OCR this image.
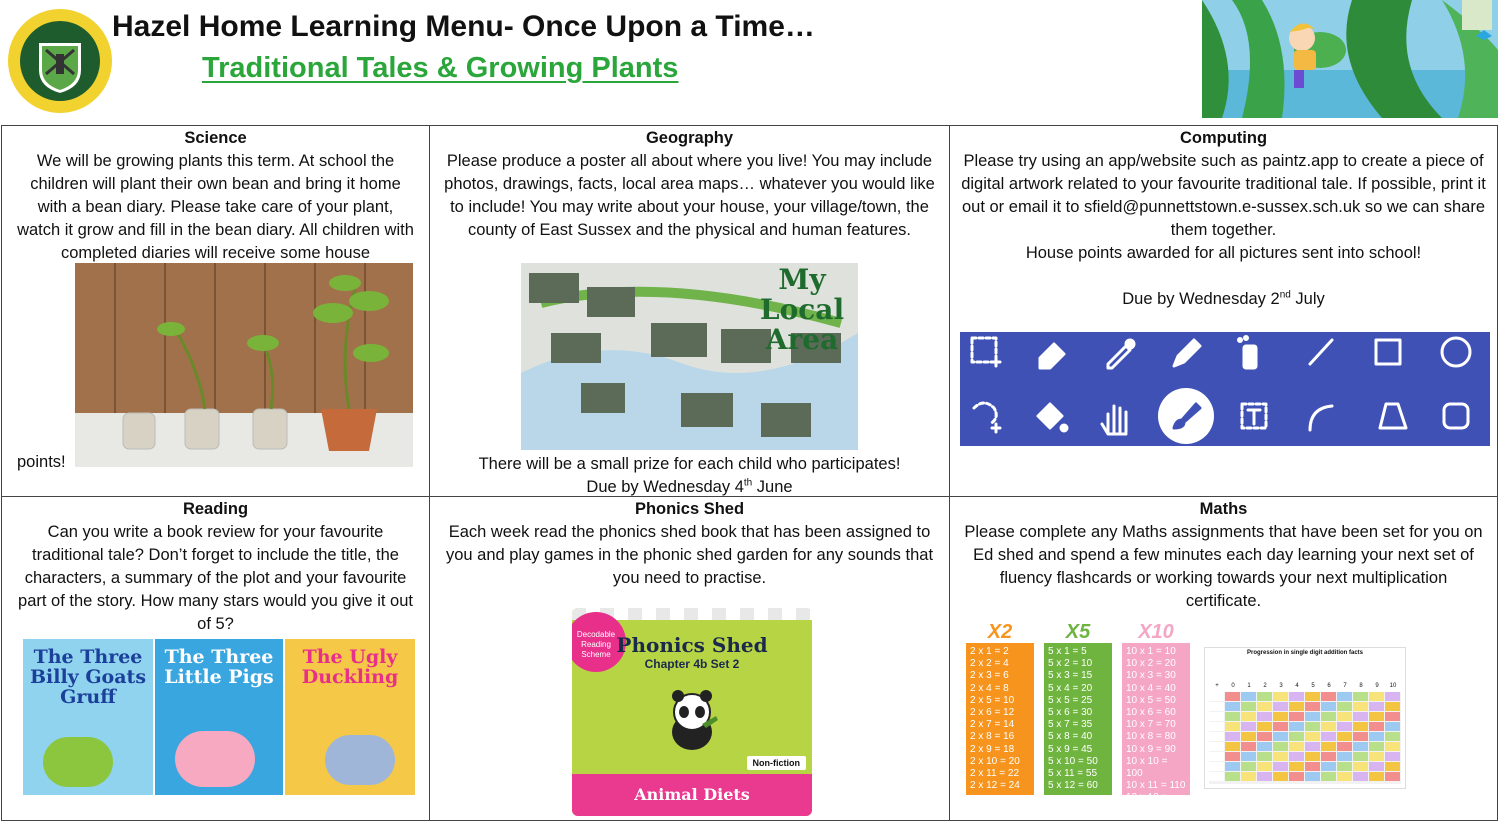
Hazel Home Learning Menu- Once Upon a Time…
Traditional Tales & Growing Plants
Science

We will be growing plants this term. At school the children will plant their own bean and bring it home with a bean diary. Please take care of your plant, watch it grow and fill in the bean diary. All children with completed diaries will receive some house

points!
Geography

Please produce a poster all about where you live! You may include photos, drawings, facts, local area maps… whatever you would like to include! You may write about your house, your village/town, the county of East Sussex and the physical and human features.

My Local Area

There will be a small prize for each child who participates!

Due by Wednesday 4th June

Computing

Please try using an app/website such as paintz.app to create a piece of digital artwork related to your favourite traditional tale. If possible, print it out or email it to sfield@punnettstown.e-sussex.sch.uk so we can share them together.

House points awarded for all pictures sent into school!

Due by Wednesday 2nd July

Reading

Can you write a book review for your favourite traditional tale? Don’t forget to include the title, the characters, a summary of the plot and your favourite part of the story. How many stars would you give it out of 5?

The Three Billy Goats Gruff
The Three Little Pigs
The Ugly Duckling
Phonics Shed

Each week read the phonics shed book that has been assigned to you and play games in the phonic shed garden for any sounds that you need to practise.

Decodable Reading Scheme Phonics Shed
Chapter 4b Set 2
Non-fiction
Animal Diets
Maths

Please complete any Maths assignments that have been set for you on Ed shed and spend a few minutes each day learning your next set of fluency flashcards or working towards your next multiplication certificate.

X2
2 x 1 = 2
2 x 2 = 4
2 x 3 = 6
2 x 4 = 8
2 x 5 = 10
2 x 6 = 12
2 x 7 = 14
2 x 8 = 16
2 x 9 = 18
2 x 10 = 20
2 x 11 = 22
2 x 12 = 24
X5
5 x 1 = 5
5 x 2 = 10
5 x 3 = 15
5 x 4 = 20
5 x 5 = 25
5 x 6 = 30
5 x 7 = 35
5 x 8 = 40
5 x 9 = 45
5 x 10 = 50
5 x 11 = 55
5 x 12 = 60
X10
10 x 1 = 10
10 x 2 = 20
10 x 3 = 30
10 x 4 = 40
10 x 5 = 50
10 x 6 = 60
10 x 7 = 70
10 x 8 = 80
10 x 9 = 90
10 x 10 = 100
10 x 11 = 110
10 x 12 = 120
Progression in single digit addition facts
+	0	1	2	3	4	5	6	7	8	9	10
